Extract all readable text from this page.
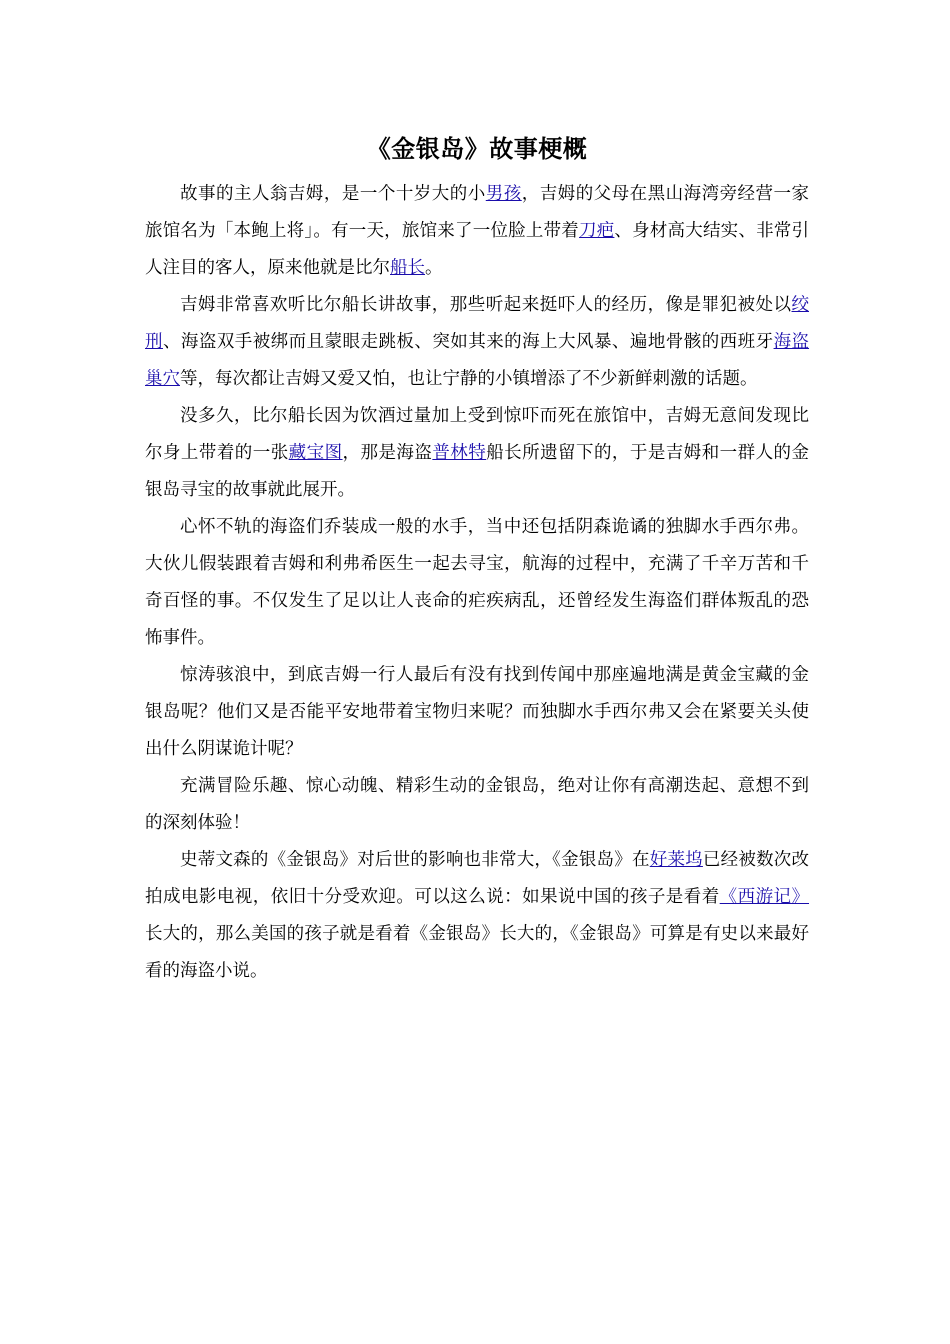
《金银岛》故事梗概

故事的主人翁吉姆，是一个十岁大的小男孩，吉姆的父母在黑山海湾旁经营一家旅馆名为「本鲍上将」。有一天，旅馆来了一位脸上带着刀疤、身材高大结实、非常引人注目的客人，原来他就是比尔船长。

吉姆非常喜欢听比尔船长讲故事，那些听起来挺吓人的经历，像是罪犯被处以绞刑、海盗双手被绑而且蒙眼走跳板、突如其来的海上大风暴、遍地骨骸的西班牙海盗巢穴等，每次都让吉姆又爱又怕，也让宁静的小镇增添了不少新鲜刺激的话题。

没多久，比尔船长因为饮酒过量加上受到惊吓而死在旅馆中，吉姆无意间发现比尔身上带着的一张藏宝图，那是海盗普林特船长所遗留下的，于是吉姆和一群人的金银岛寻宝的故事就此展开。

心怀不轨的海盗们乔装成一般的水手，当中还包括阴森诡谲的独脚水手西尔弗。大伙儿假装跟着吉姆和利弗希医生一起去寻宝，航海的过程中，充满了千辛万苦和千奇百怪的事。不仅发生了足以让人丧命的疟疾病乱，还曾经发生海盗们群体叛乱的恐怖事件。

惊涛骇浪中，到底吉姆一行人最后有没有找到传闻中那座遍地满是黄金宝藏的金银岛呢？他们又是否能平安地带着宝物归来呢？而独脚水手西尔弗又会在紧要关头使出什么阴谋诡计呢？

充满冒险乐趣、惊心动魄、精彩生动的金银岛，绝对让你有高潮迭起、意想不到的深刻体验！

史蒂文森的《金银岛》对后世的影响也非常大，《金银岛》在好莱坞已经被数次改拍成电影电视，依旧十分受欢迎。可以这么说：如果说中国的孩子是看着《西游记》长大的，那么美国的孩子就是看着《金银岛》长大的，《金银岛》可算是有史以来最好看的海盗小说。
